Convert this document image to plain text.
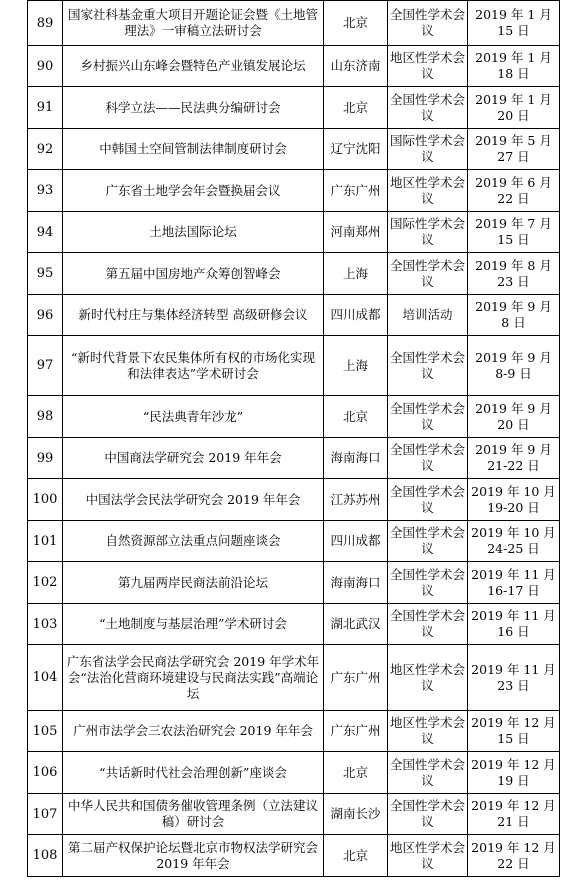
89	国家社科基金重大项目开题论证会暨《土地管理法》一审稿立法研讨会	北京	全国性学术会议	2019 年 1 月 15 日
90	乡村振兴山东峰会暨特色产业镇发展论坛	山东济南	地区性学术会议	2019 年 1 月 18 日
91	科学立法——民法典分编研讨会	北京	全国性学术会议	2019 年 1 月 20 日
92	中韩国土空间管制法律制度研讨会	辽宁沈阳	国际性学术会议	2019 年 5 月 27 日
93	广东省土地学会年会暨换届会议	广东广州	地区性学术会议	2019 年 6 月 22 日
94	土地法国际论坛	河南郑州	国际性学术会议	2019 年 7 月 15 日
95	第五届中国房地产众筹创智峰会	上海	全国性学术会议	2019 年 8 月 23 日
96	新时代村庄与集体经济转型 高级研修会议	四川成都	培训活动	2019 年 9 月 8 日
97	“新时代背景下农民集体所有权的市场化实现和法律表达”学术研讨会	上海	全国性学术会议	2019 年 9 月 8-9 日
98	“民法典青年沙龙”	北京	全国性学术会议	2019 年 9 月 20 日
99	中国商法学研究会 2019 年年会	海南海口	全国性学术会议	2019 年 9 月 21-22 日
100	中国法学会民法学研究会 2019 年年会	江苏苏州	全国性学术会议	2019 年 10 月 19-20 日
101	自然资源部立法重点问题座谈会	四川成都	全国性学术会议	2019 年 10 月 24-25 日
102	第九届两岸民商法前沿论坛	海南海口	全国性学术会议	2019 年 11 月 16-17 日
103	“土地制度与基层治理”学术研讨会	湖北武汉	全国性学术会议	2019 年 11 月 16 日
104	广东省法学会民商法学研究会 2019 年学术年会“法治化营商环境建设与民商法实践”高端论坛	广东广州	地区性学术会议	2019 年 11 月 23 日
105	广州市法学会三农法治研究会 2019 年年会	广东广州	地区性学术会议	2019 年 12 月 15 日
106	“共话新时代社会治理创新”座谈会	北京	全国性学术会议	2019 年 12 月 19 日
107	中华人民共和国债务催收管理条例（立法建议稿）研讨会	湖南长沙	全国性学术会议	2019 年 12 月 21 日
108	第二届产权保护论坛暨北京市物权法学研究会 2019 年年会	北京	地区性学术会议	2019 年 12 月 22 日
